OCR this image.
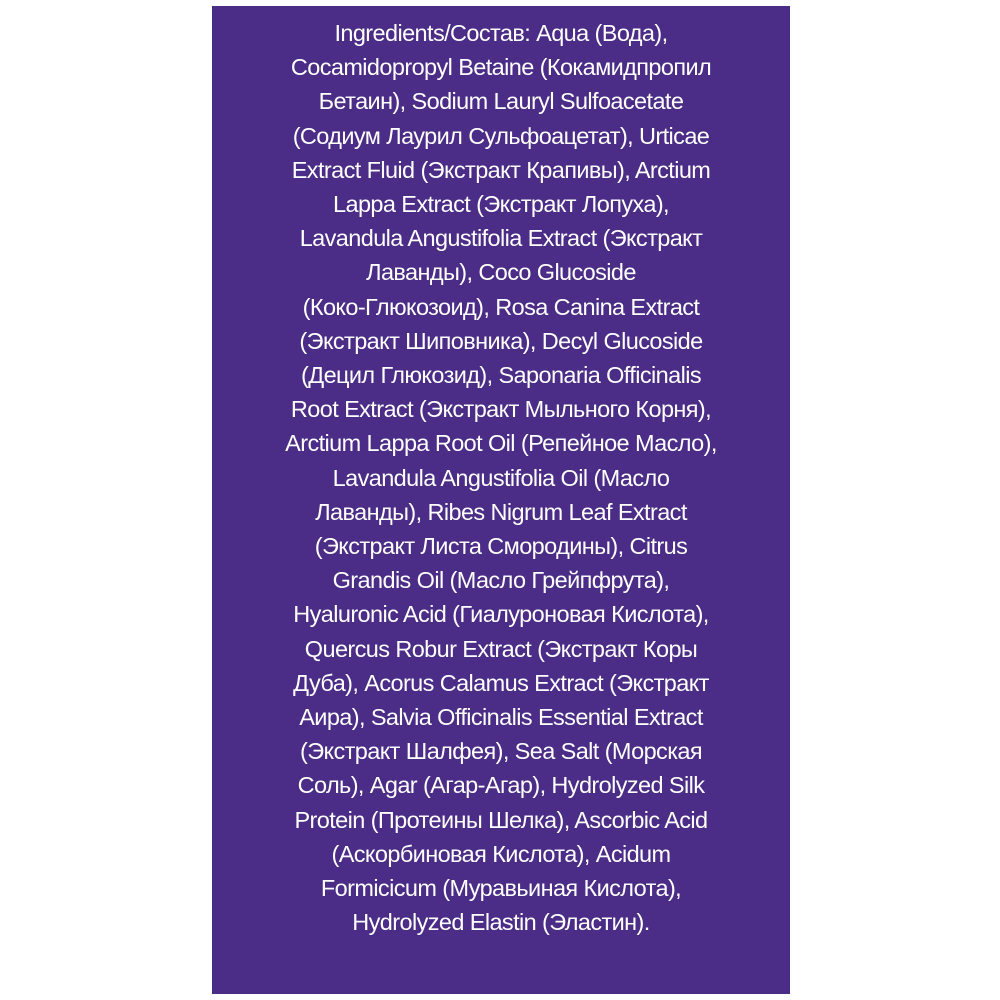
Ingredients/Состав: Aqua (Вода),
Cocamidopropyl Betaine (Кокамидпропил
Бетаин), Sodium Lauryl Sulfoacetate
(Содиум Лаурил Сульфоацетат), Urticae
Extract Fluid (Экстракт Крапивы), Arctium
Lappa Extract (Экстракт Лопуха),
Lavandula Angustifolia Extract (Экстракт
Лаванды), Coco Glucoside
(Коко-Глюкозоид), Rosa Canina Extract
(Экстракт Шиповника), Decyl Glucoside
(Децил Глюкозид), Saponaria Officinalis
Root Extract (Экстракт Мыльного Корня),
Arctium Lappa Root Oil (Репейное Масло),
Lavandula Angustifolia Oil (Масло
Лаванды), Ribes Nigrum Leaf Extract
(Экстракт Листа Смородины), Citrus
Grandis Oil (Масло Грейпфрута),
Hyaluronic Acid (Гиалуроновая Кислота),
Quercus Robur Extract (Экстракт Коры
Дуба), Acorus Calamus Extract (Экстракт
Аира), Salvia Officinalis Essential Extract
(Экстракт Шалфея), Sea Salt (Морская
Соль), Agar (Агар-Агар), Hydrolyzed Silk
Protein (Протеины Шелка), Ascorbic Acid
(Аскорбиновая Кислота), Acidum
Formicicum (Муравьиная Кислота),
Hydrolyzed Elastin (Эластин).
